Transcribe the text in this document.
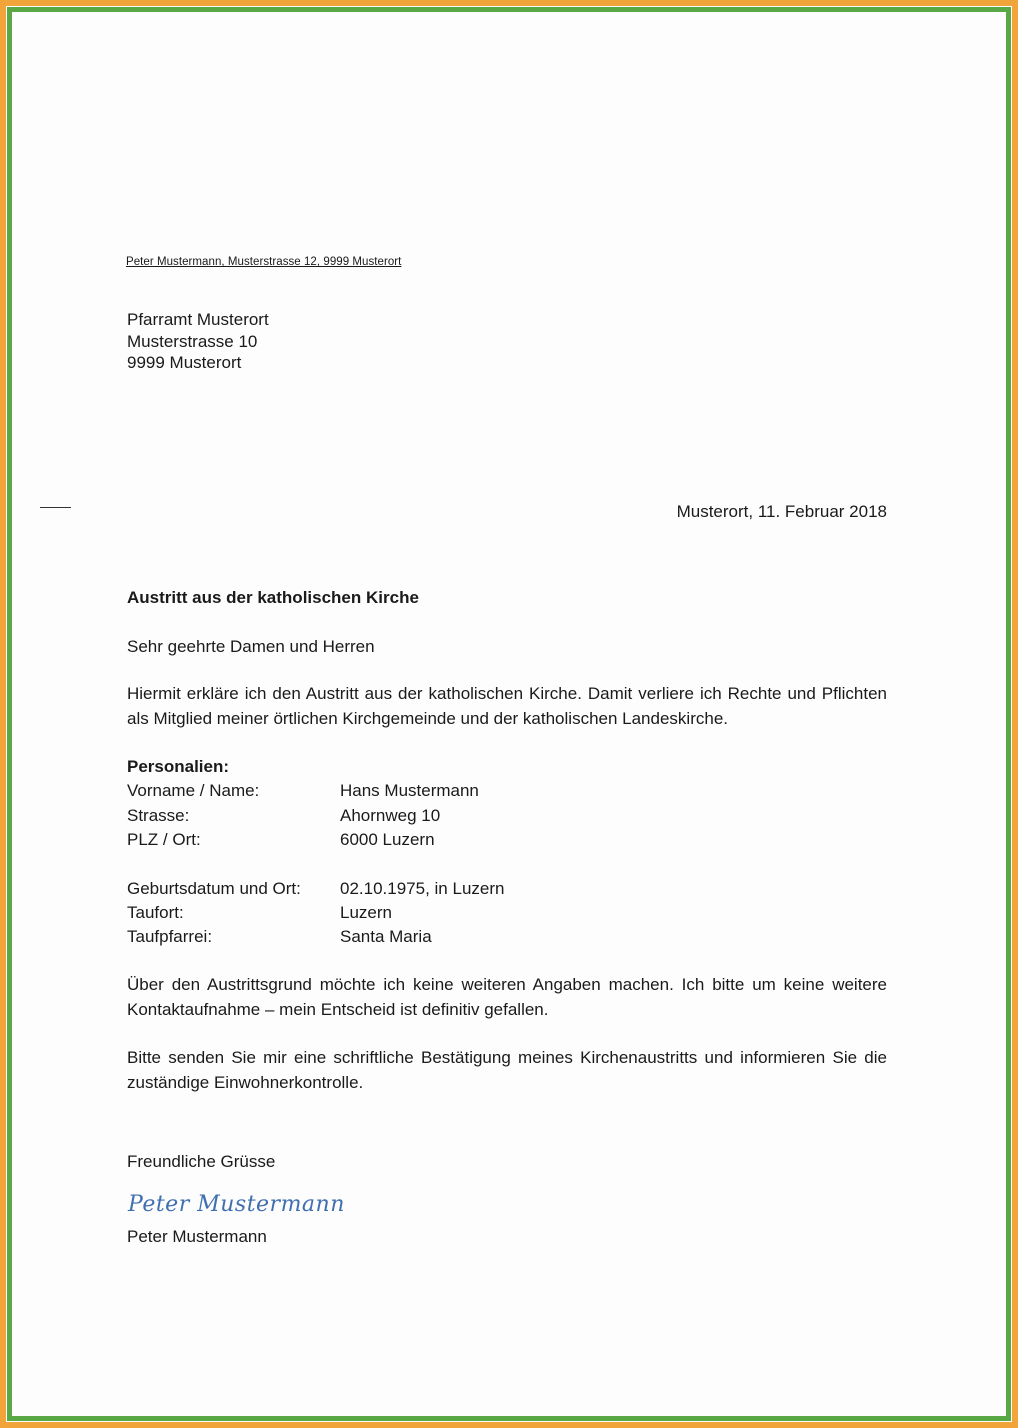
Peter Mustermann, Musterstrasse 12, 9999 Musterort
Pfarramt Musterort
Musterstrasse 10
9999 Musterort
Musterort, 11. Februar 2018
Austritt aus der katholischen Kirche
Sehr geehrte Damen und Herren
Hiermit erkläre ich den Austritt aus der katholischen Kirche. Damit verliere ich Rechte und Pflichten als Mitglied meiner örtlichen Kirchgemeinde und der katholischen Landeskirche.
Personalien:
Vorname / Name:	Hans Mustermann
Strasse:	Ahornweg 10
PLZ / Ort:	6000 Luzern
Geburtsdatum und Ort: 02.10.1975, in Luzern
Taufort:	Luzern
Taufpfarrei:	Santa Maria
Über den Austrittsgrund möchte ich keine weiteren Angaben machen. Ich bitte um keine weitere Kontaktaufnahme – mein Entscheid ist definitiv gefallen.
Bitte senden Sie mir eine schriftliche Bestätigung meines Kirchenaustritts und informieren Sie die zuständige Einwohnerkontrolle.
Freundliche Grüsse
Peter Mustermann
Peter Mustermann
